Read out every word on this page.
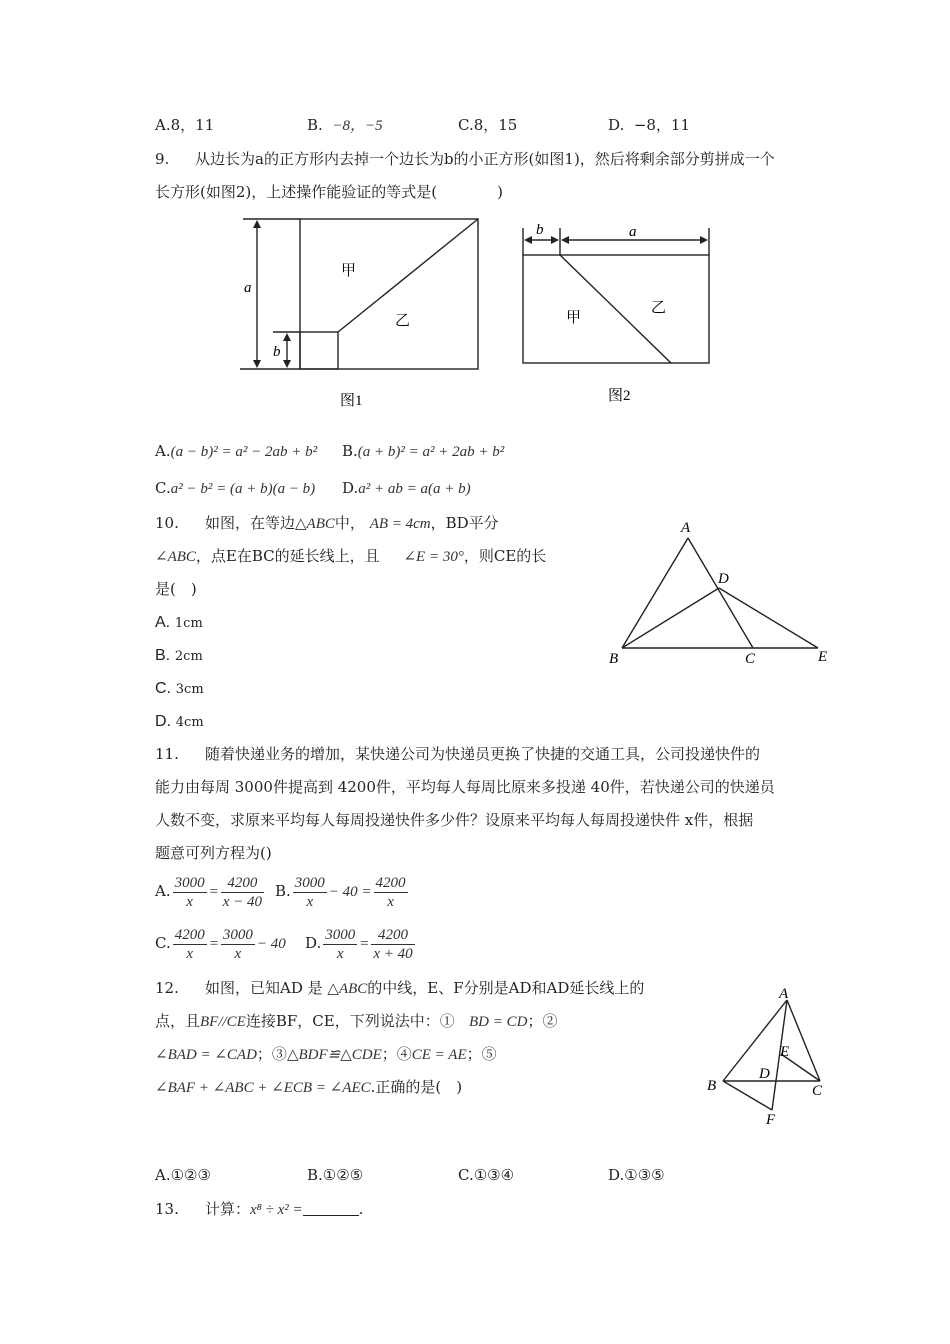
A.8，11	B. −8，−5	C.8，15	D. −8，11
9. 从边长为a的正方形内去掉一个边长为b的小正方形(如图1)，然后将剩余部分剪拼成一个
长方形(如图2)，上述操作能验证的等式是(　　　　)
a
b
甲
乙
图1
b	a
甲
乙
图2
A.(a − b)² = a² − 2ab + b² B.(a + b)² = a² + 2ab + b²
C.a² − b² = (a + b)(a − b) D.a² + ab = a(a + b)
10. 如图，在等边△ABC中， AB = 4cm，BD平分
∠ABC，点E在BC的延长线上，且 ∠E = 30°，则CE的长
是(　)
A. 1cm
B. 2cm
C. 3cm
D. 4cm
A
D
B	C	E
11. 随着快递业务的增加，某快递公司为快递员更换了快捷的交通工具，公司投递快件的
能力由每周 3000件提高到 4200件，平均每人每周比原来多投递 40件，若快递公司的快递员
人数不变，求原来平均每人每周投递快件多少件？设原来平均每人每周投递快件 x件，根据
题意可列方程为()
A. $\frac{3000}{x} = \frac{4200}{x - 40} B$. $\frac{3000}{x} - 40 = \frac{4200}{x}$
C. $\frac{4200}{x} = \frac{3000}{x} - 40$ D. $\frac{3000}{x} = \frac{4200}{x + 40}$
12. 如图，已知AD 是 △ABC的中线，E、F分别是AD和AD延长线上的
点，且BF//CE连接BF，CE，下列说法中：① BD = CD；②
∠BAD = ∠CAD；③△BDF≌△CDE；④CE = AE；⑤
∠BAF + ∠ABC + ∠ECB = ∠AEC.正确的是(　)
A
E
D
B	C
F
A.①②③	B.①②⑤	C.①③④	D.①③⑤
13. 计算：x⁸ ÷ x² =	.
